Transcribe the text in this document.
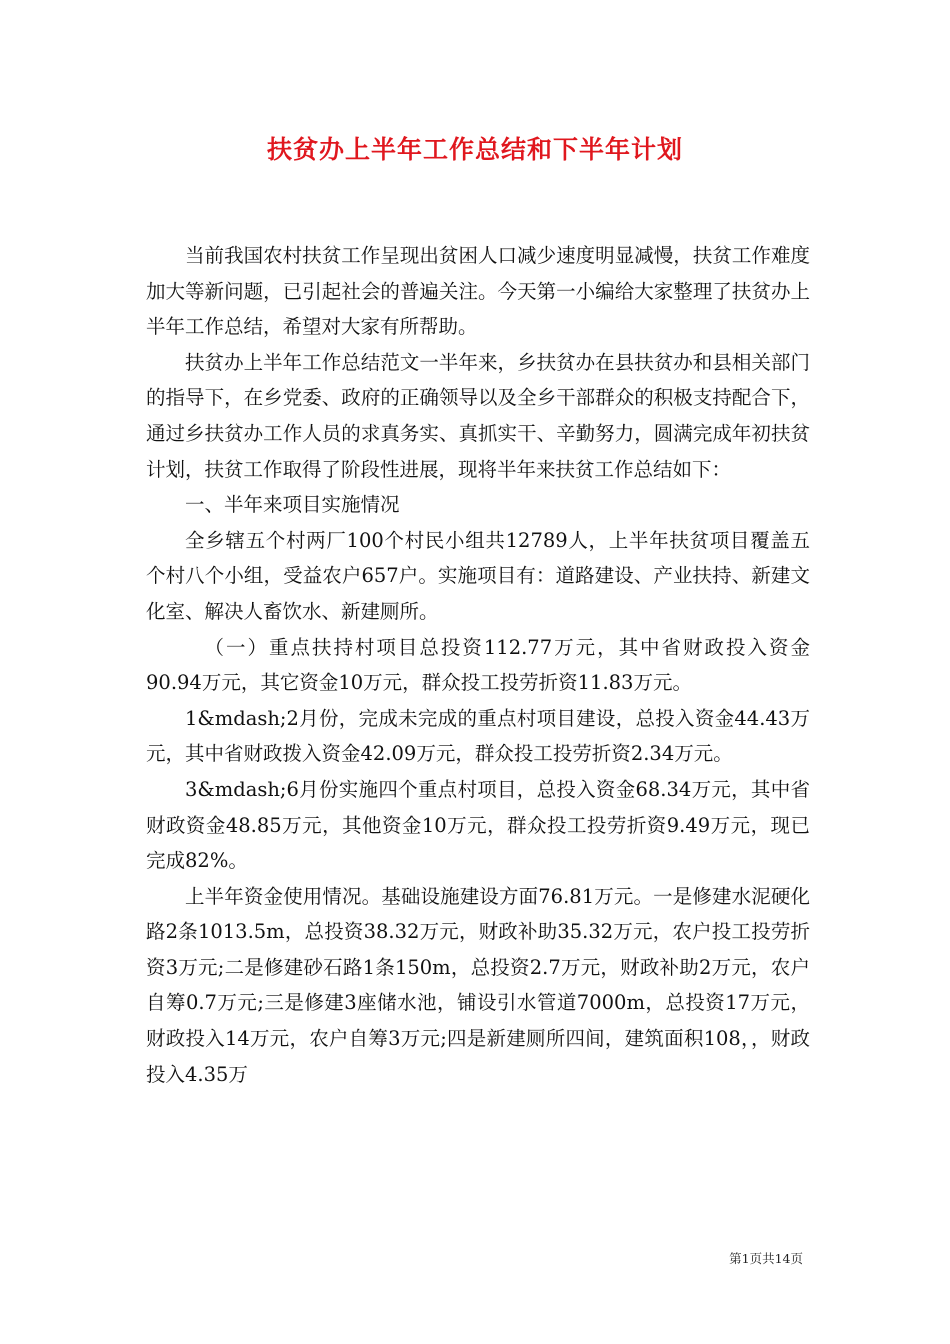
扶贫办上半年工作总结和下半年计划

当前我国农村扶贫工作呈现出贫困人口减少速度明显减慢，扶贫工作难度加大等新问题，已引起社会的普遍关注。今天第一小编给大家整理了扶贫办上半年工作总结，希望对大家有所帮助。

扶贫办上半年工作总结范文一半年来，乡扶贫办在县扶贫办和县相关部门的指导下，在乡党委、政府的正确领导以及全乡干部群众的积极支持配合下，通过乡扶贫办工作人员的求真务实、真抓实干、辛勤努力，圆满完成年初扶贫计划，扶贫工作取得了阶段性进展，现将半年来扶贫工作总结如下：

一、半年来项目实施情况

全乡辖五个村两厂100个村民小组共12789人，上半年扶贫项目覆盖五个村八个小组，受益农户657户。实施项目有：道路建设、产业扶持、新建文化室、解决人畜饮水、新建厕所。

（一）重点扶持村项目总投资112.77万元，其中省财政投入资金90.94万元，其它资金10万元，群众投工投劳折资11.83万元。

1&mdash;2月份，完成未完成的重点村项目建设，总投入资金44.43万元，其中省财政拨入资金42.09万元，群众投工投劳折资2.34万元。

3&mdash;6月份实施四个重点村项目，总投入资金68.34万元，其中省财政资金48.85万元，其他资金10万元，群众投工投劳折资9.49万元，现已完成82%。

上半年资金使用情况。基础设施建设方面76.81万元。一是修建水泥硬化路2条1013.5m，总投资38.32万元，财政补助35.32万元，农户投工投劳折资3万元;二是修建砂石路1条150m，总投资2.7万元，财政补助2万元，农户自筹0.7万元;三是修建3座储水池，铺设引水管道7000m，总投资17万元，财政投入14万元，农户自筹3万元;四是新建厕所四间，建筑面积108，，财政投入4.35万

第1页共14页
